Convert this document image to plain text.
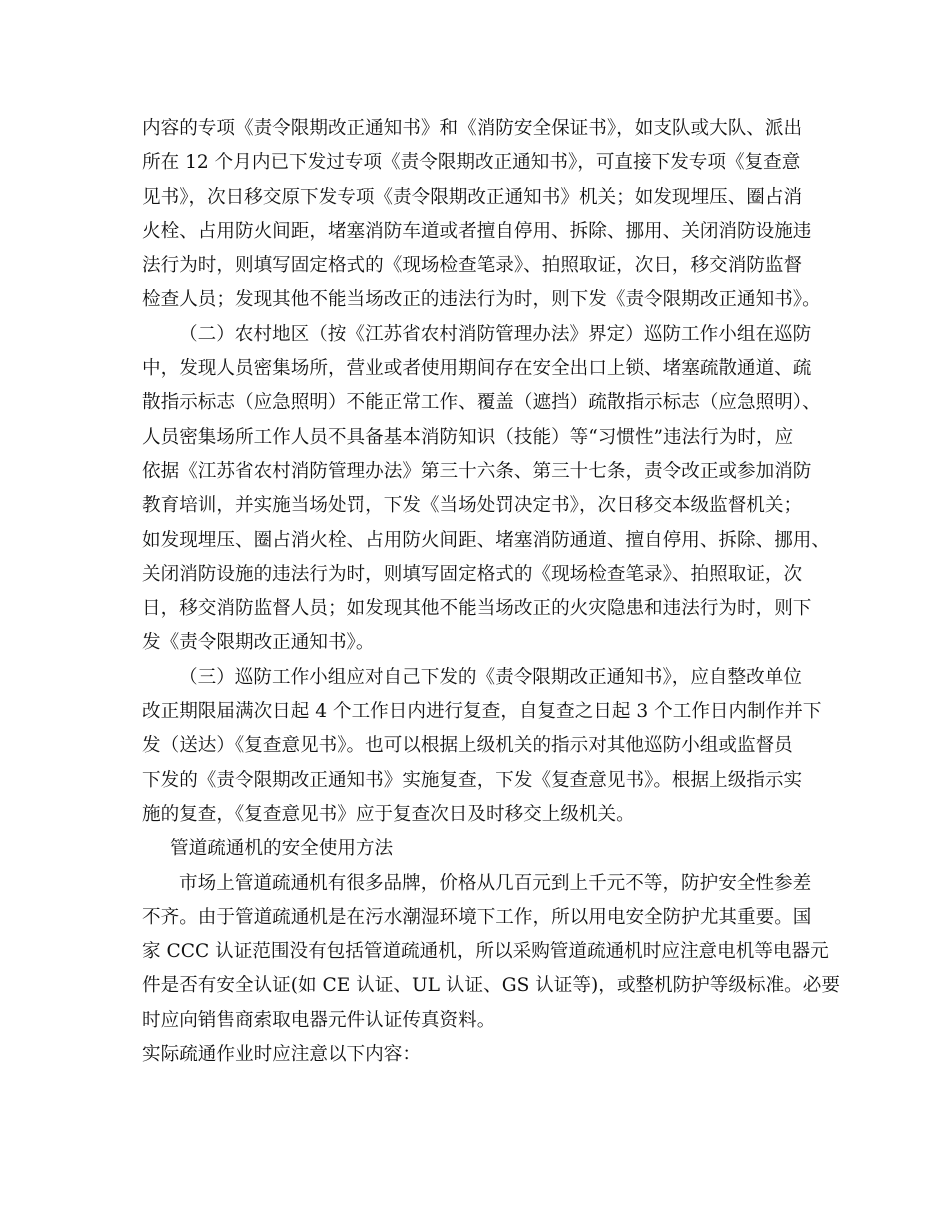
内容的专项《责令限期改正通知书》和《消防安全保证书》，如支队或大队、派出
所在 12 个月内已下发过专项《责令限期改正通知书》，可直接下发专项《复查意
见书》，次日移交原下发专项《责令限期改正通知书》机关；如发现埋压、圈占消
火栓、占用防火间距，堵塞消防车道或者擅自停用、拆除、挪用、关闭消防设施违
法行为时，则填写固定格式的《现场检查笔录》、拍照取证，次日，移交消防监督
检查人员；发现其他不能当场改正的违法行为时，则下发《责令限期改正通知书》。
（二）农村地区（按《江苏省农村消防管理办法》界定）巡防工作小组在巡防
中，发现人员密集场所，营业或者使用期间存在安全出口上锁、堵塞疏散通道、疏
散指示标志（应急照明）不能正常工作、覆盖（遮挡）疏散指示标志（应急照明）、
人员密集场所工作人员不具备基本消防知识（技能）等“习惯性”违法行为时，应
依据《江苏省农村消防管理办法》第三十六条、第三十七条，责令改正或参加消防
教育培训，并实施当场处罚，下发《当场处罚决定书》，次日移交本级监督机关；
如发现埋压、圈占消火栓、占用防火间距、堵塞消防通道、擅自停用、拆除、挪用、
关闭消防设施的违法行为时，则填写固定格式的《现场检查笔录》、拍照取证，次
日，移交消防监督人员；如发现其他不能当场改正的火灾隐患和违法行为时，则下
发《责令限期改正通知书》。
（三）巡防工作小组应对自己下发的《责令限期改正通知书》，应自整改单位
改正期限届满次日起 4 个工作日内进行复查，自复查之日起 3 个工作日内制作并下
发（送达）《复查意见书》。也可以根据上级机关的指示对其他巡防小组或监督员
下发的《责令限期改正通知书》实施复查，下发《复查意见书》。根据上级指示实
施的复查，《复查意见书》应于复查次日及时移交上级机关。
管道疏通机的安全使用方法
市场上管道疏通机有很多品牌，价格从几百元到上千元不等，防护安全性参差
不齐。由于管道疏通机是在污水潮湿环境下工作，所以用电安全防护尤其重要。国
家 CCC 认证范围没有包括管道疏通机，所以采购管道疏通机时应注意电机等电器元
件是否有安全认证(如 CE 认证、UL 认证、GS 认证等)，或整机防护等级标准。必要
时应向销售商索取电器元件认证传真资料。
实际疏通作业时应注意以下内容：
